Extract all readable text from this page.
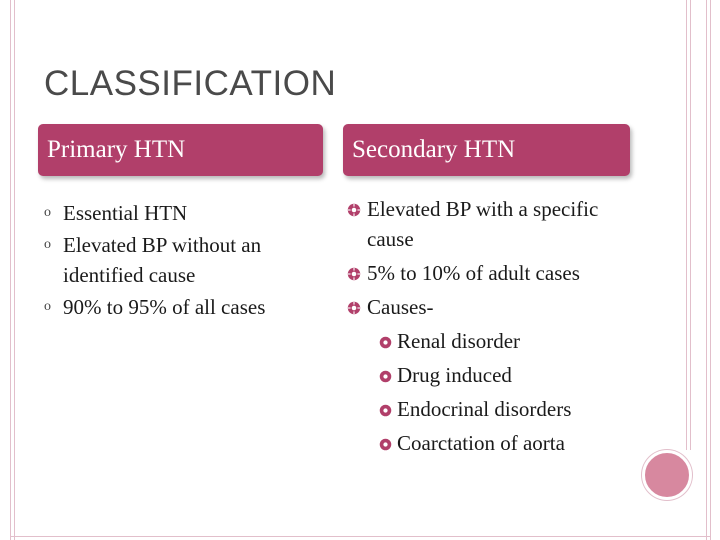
CLASSIFICATION
Primary HTN	Secondary HTN
o Essential HTN
o Elevated BP without an identified cause
o 90% to 95% of all cases
Elevated BP with a specific cause
5% to 10% of adult cases
Causes-
Renal disorder
Drug induced
Endocrinal disorders
Coarctation of aorta
